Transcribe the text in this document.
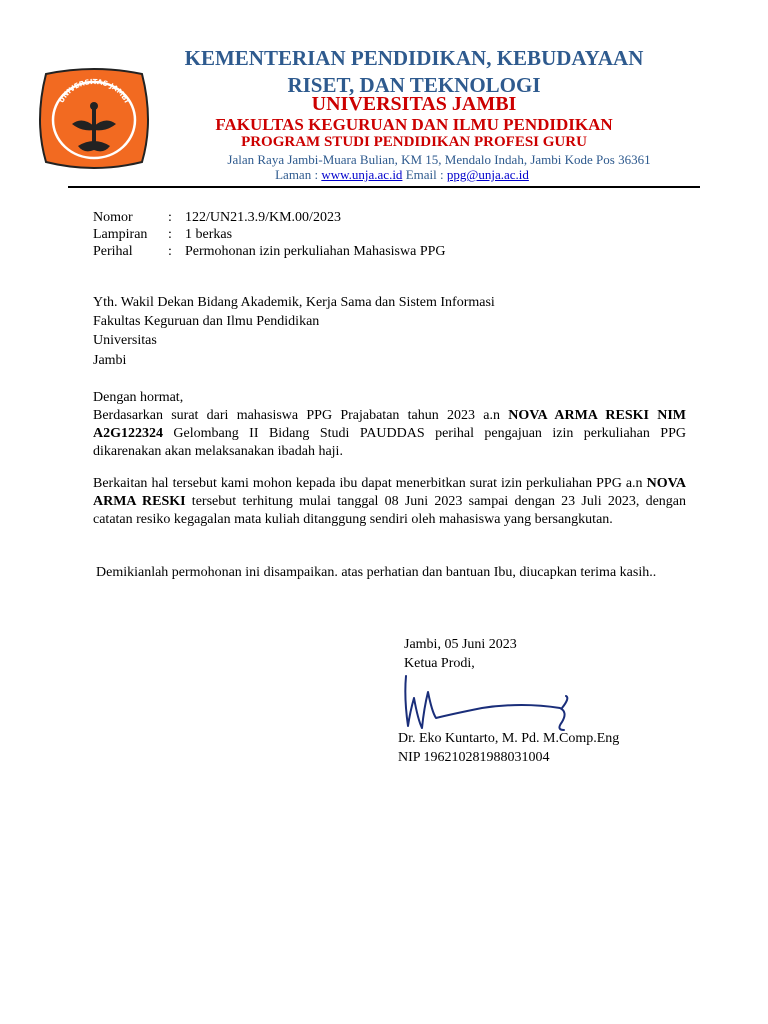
UNIVERSITAS JAMBI
KEMENTERIAN PENDIDIKAN, KEBUDAYAAN
RISET, DAN TEKNOLOGI
UNIVERSITAS JAMBI
FAKULTAS KEGURUAN DAN ILMU PENDIDIKAN
PROGRAM STUDI PENDIDIKAN PROFESI GURU
Jalan Raya Jambi-Muara Bulian, KM 15, Mendalo Indah, Jambi Kode Pos 36361
Laman : www.unja.ac.id Email : ppg@unja.ac.id
Nomor	: 122/UN21.3.9/KM.00/2023
Lampiran : 1 berkas
Perihal	: Permohonan izin perkuliahan Mahasiswa PPG
Yth. Wakil Dekan Bidang Akademik, Kerja Sama dan Sistem Informasi
Fakultas Keguruan dan Ilmu Pendidikan
Universitas
Jambi
Dengan hormat,
Berdasarkan surat dari mahasiswa PPG Prajabatan tahun 2023 a.n NOVA ARMA RESKI NIM A2G122324 Gelombang II Bidang Studi PAUDDAS perihal pengajuan izin perkuliahan PPG dikarenakan akan melaksanakan ibadah haji.
Berkaitan hal tersebut kami mohon kepada ibu dapat menerbitkan surat izin perkuliahan PPG a.n NOVA ARMA RESKI tersebut terhitung mulai tanggal 08 Juni 2023 sampai dengan 23 Juli 2023, dengan catatan resiko kegagalan mata kuliah ditanggung sendiri oleh mahasiswa yang bersangkutan.
Demikianlah permohonan ini disampaikan. atas perhatian dan bantuan Ibu, diucapkan terima kasih..
Jambi, 05 Juni 2023
Ketua Prodi,
Dr. Eko Kuntarto, M. Pd. M.Comp.Eng
NIP 196210281988031004
